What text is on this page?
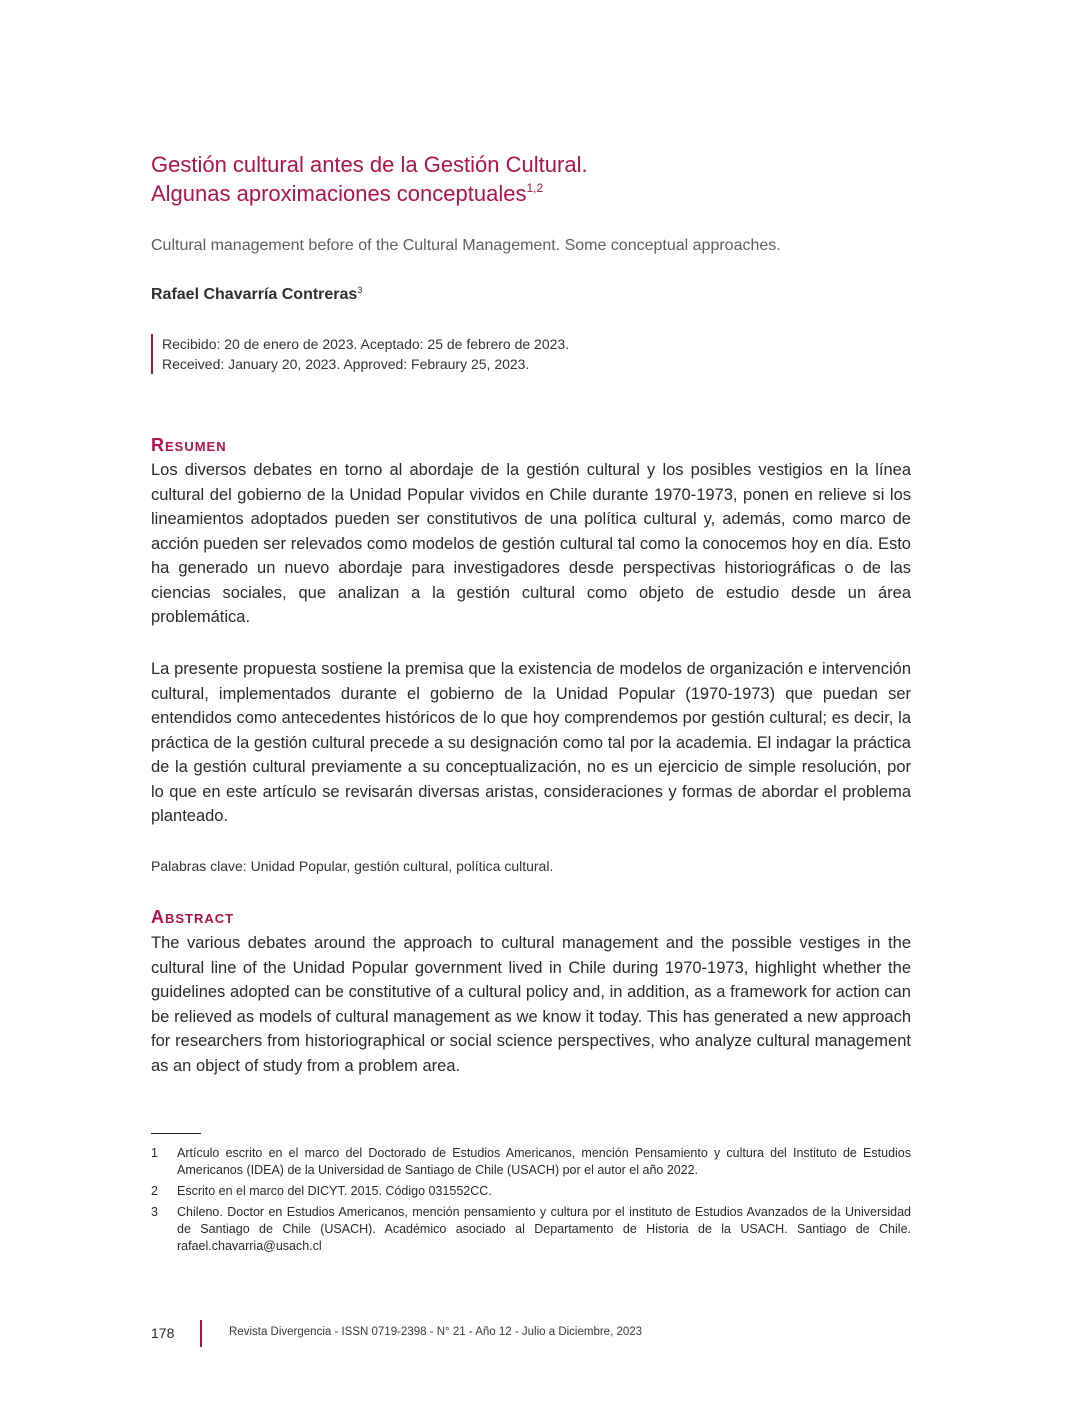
Gestión cultural antes de la Gestión Cultural.
Algunas aproximaciones conceptuales$^{1,2}$
Cultural management before of the Cultural Management. Some conceptual approaches.
Rafael Chavarría Contreras$^3$
Recibido: 20 de enero de 2023. Aceptado: 25 de febrero de 2023.
Received: January 20, 2023. Approved: Febraury 25, 2023.
Resumen
Los diversos debates en torno al abordaje de la gestión cultural y los posibles vestigios en la línea cultural del gobierno de la Unidad Popular vividos en Chile durante 1970-1973, ponen en relieve si los lineamientos adoptados pueden ser constitutivos de una política cultural y, además, como marco de acción pueden ser relevados como modelos de gestión cultural tal como la conocemos hoy en día. Esto ha generado un nuevo abordaje para investigadores desde perspectivas historiográficas o de las ciencias sociales, que analizan a la gestión cultural como objeto de estudio desde un área problemática.
La presente propuesta sostiene la premisa que la existencia de modelos de organización e intervención cultural, implementados durante el gobierno de la Unidad Popular (1970-1973) que puedan ser entendidos como antecedentes históricos de lo que hoy comprendemos por gestión cultural; es decir, la práctica de la gestión cultural precede a su designación como tal por la academia. El indagar la práctica de la gestión cultural previamente a su conceptualización, no es un ejercicio de simple resolución, por lo que en este artículo se revisarán diversas aristas, consideraciones y formas de abordar el problema planteado.
Palabras clave: Unidad Popular, gestión cultural, política cultural.
Abstract
The various debates around the approach to cultural management and the possible vestiges in the cultural line of the Unidad Popular government lived in Chile during 1970-1973, highlight whether the guidelines adopted can be constitutive of a cultural policy and, in addition, as a framework for action can be relieved as models of cultural management as we know it today. This has generated a new approach for researchers from historiographical or social science perspectives, who analyze cultural management as an object of study from a problem area.
1	Artículo escrito en el marco del Doctorado de Estudios Americanos, mención Pensamiento y cultura del Instituto de Estudios Americanos (IDEA) de la Universidad de Santiago de Chile (USACH) por el autor el año 2022.
2	Escrito en el marco del DICYT. 2015. Código 031552CC.
3	Chileno. Doctor en Estudios Americanos, mención pensamiento y cultura por el instituto de Estudios Avanzados de la Universidad de Santiago de Chile (USACH). Académico asociado al Departamento de Historia de la USACH. Santiago de Chile. rafael.chavarria@usach.cl
178	Revista Divergencia - ISSN 0719-2398 - N° 21 - Año 12 - Julio a Diciembre, 2023
